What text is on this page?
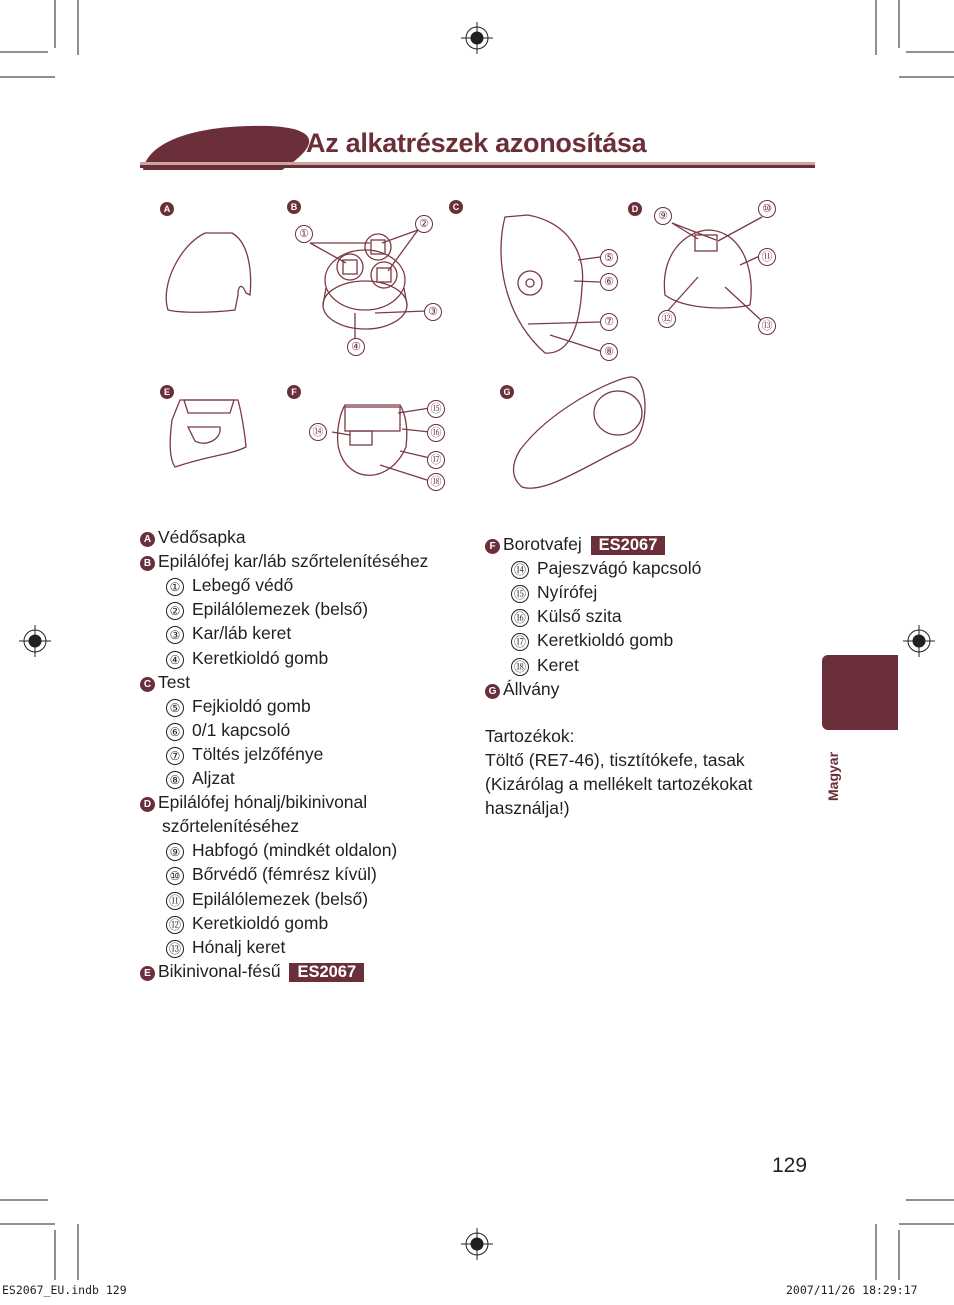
Az alkatrészek azonosítása
A	B	C	D
E	F	G
①
②
③
④
⑤
⑥
⑦
⑧
⑨
⑩
⑪
⑫
⑬
⑭
⑮
⑯
⑰
⑱
A Védősapka
B Epilálófej kar/láb szőrtelenítéséhez
① Lebegő védő
② Epilálólemezek (belső)
③ Kar/láb keret
④ Keretkioldó gomb
C Test
⑤ Fejkioldó gomb
⑥ 0/1 kapcsoló
⑦ Töltés jelzőfénye
⑧ Aljzat
D Epilálófej hónalj/bikinivonal
szőrtelenítéséhez
⑨ Habfogó (mindkét oldalon)
⑩ Bőrvédő (fémrész kívül)
⑪ Epilálólemezek (belső)
⑫ Keretkioldó gomb
⑬ Hónalj keret
E Bikinivonal-fésű ES2067
F Borotvafej ES2067
⑭ Pajeszvágó kapcsoló
⑮ Nyírófej
⑯ Külső szita
⑰ Keretkioldó gomb
⑱ Keret
G Állvány
Tartozékok:
Töltő (RE7-46), tisztítókefe, tasak
(Kizárólag a mellékelt tartozékokat
használja!)
Magyar
129
ES2067_EU.indb 129	2007/11/26 18:29:17
